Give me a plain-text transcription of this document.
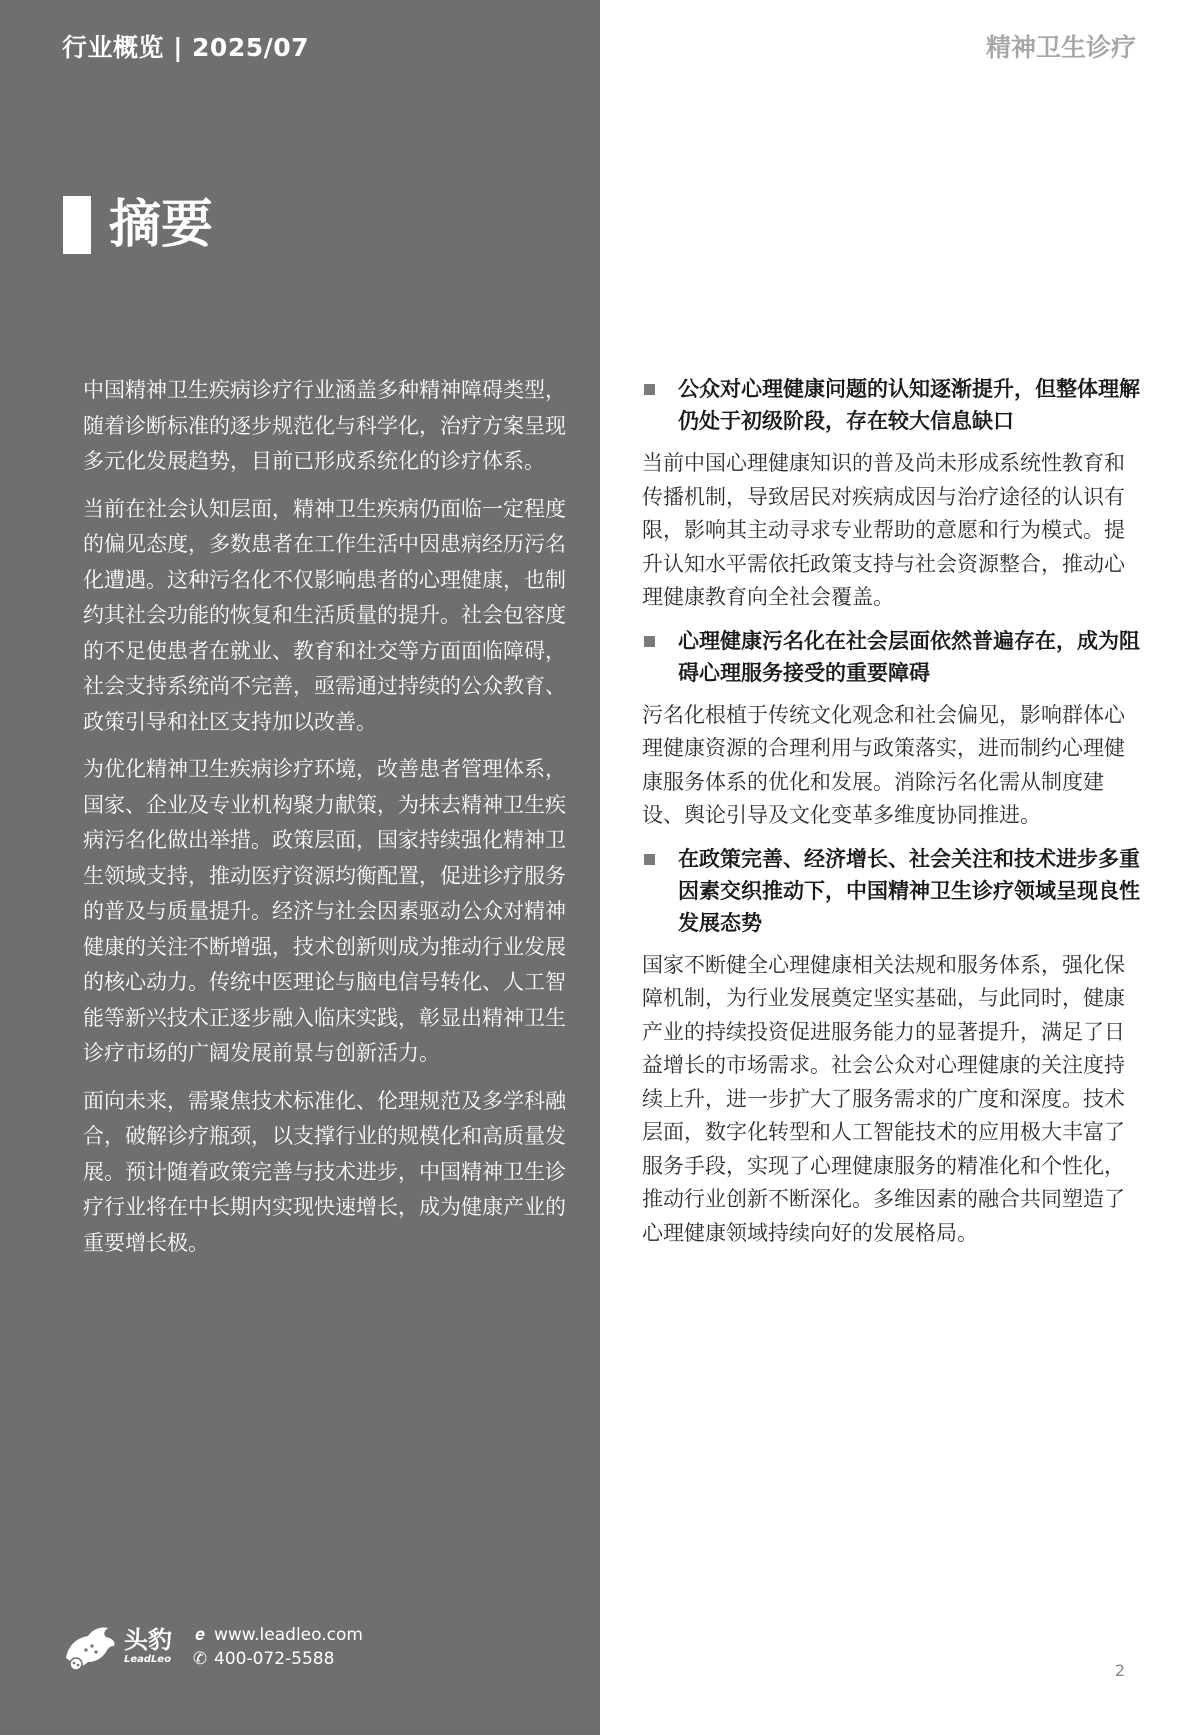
行业概览 | 2025/07	精神卫生诊疗
摘要

中国精神卫生疾病诊疗行业涵盖多种精神障碍类型，随着诊断标准的逐步规范化与科学化，治疗方案呈现多元化发展趋势，目前已形成系统化的诊疗体系。

当前在社会认知层面，精神卫生疾病仍面临一定程度的偏见态度，多数患者在工作生活中因患病经历污名化遭遇。这种污名化不仅影响患者的心理健康，也制约其社会功能的恢复和生活质量的提升。社会包容度的不足使患者在就业、教育和社交等方面面临障碍，社会支持系统尚不完善，亟需通过持续的公众教育、政策引导和社区支持加以改善。

为优化精神卫生疾病诊疗环境，改善患者管理体系，国家、企业及专业机构聚力献策，为抹去精神卫生疾病污名化做出举措。政策层面，国家持续强化精神卫生领域支持，推动医疗资源均衡配置，促进诊疗服务的普及与质量提升。经济与社会因素驱动公众对精神健康的关注不断增强，技术创新则成为推动行业发展的核心动力。传统中医理论与脑电信号转化、人工智能等新兴技术正逐步融入临床实践，彰显出精神卫生诊疗市场的广阔发展前景与创新活力。

面向未来，需聚焦技术标准化、伦理规范及多学科融合，破解诊疗瓶颈，以支撑行业的规模化和高质量发展。预计随着政策完善与技术进步，中国精神卫生诊疗行业将在中长期内实现快速增长，成为健康产业的重要增长极。

公众对心理健康问题的认知逐渐提升，但整体理解仍处于初级阶段，存在较大信息缺口

当前中国心理健康知识的普及尚未形成系统性教育和传播机制，导致居民对疾病成因与治疗途径的认识有限，影响其主动寻求专业帮助的意愿和行为模式。提升认知水平需依托政策支持与社会资源整合，推动心理健康教育向全社会覆盖。

心理健康污名化在社会层面依然普遍存在，成为阻碍心理服务接受的重要障碍

污名化根植于传统文化观念和社会偏见，影响群体心理健康资源的合理利用与政策落实，进而制约心理健康服务体系的优化和发展。消除污名化需从制度建设、舆论引导及文化变革多维度协同推进。

在政策完善、经济增长、社会关注和技术进步多重因素交织推动下，中国精神卫生诊疗领域呈现良性发展态势

国家不断健全心理健康相关法规和服务体系，强化保障机制，为行业发展奠定坚实基础，与此同时，健康产业的持续投资促进服务能力的显著提升，满足了日益增长的市场需求。社会公众对心理健康的关注度持续上升，进一步扩大了服务需求的广度和深度。技术层面，数字化转型和人工智能技术的应用极大丰富了服务手段，实现了心理健康服务的精准化和个性化，推动行业创新不断深化。多维因素的融合共同塑造了心理健康领域持续向好的发展格局。

头豹
LeadLeo
𝒆 www.leadleo.com
✆ 400-072-5588
2
